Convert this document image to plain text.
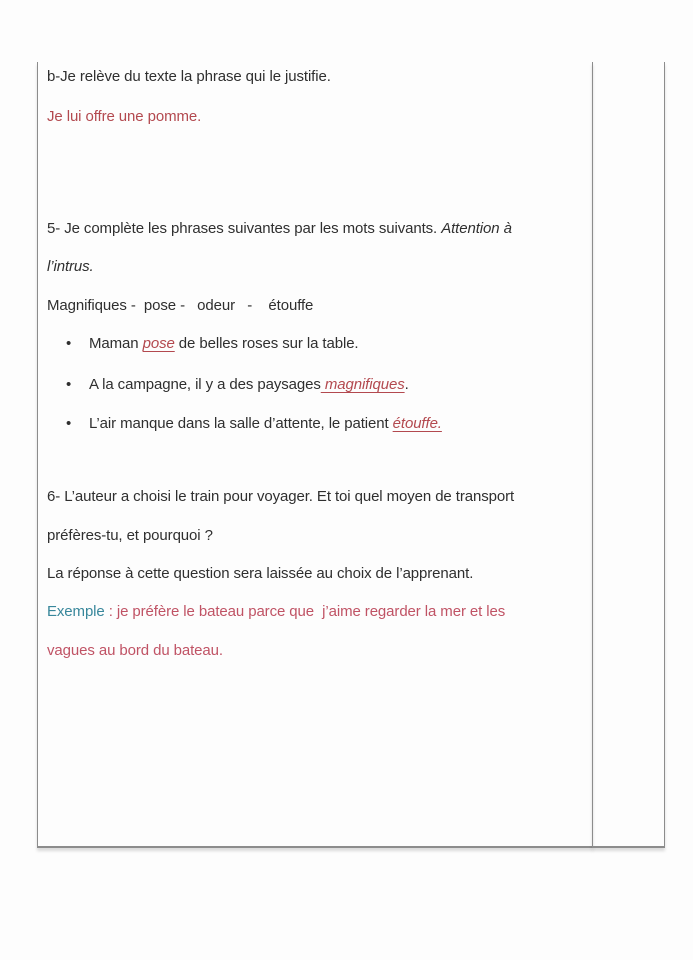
b-Je relève du texte la phrase qui le justifie.
Je lui offre une pomme.
5- Je complète les phrases suivantes par les mots suivants. Attention à
l’intrus.
Magnifiques -  pose -   odeur   -    étouffe
• Maman pose de belles roses sur la table.
• A la campagne, il y a des paysages magnifiques.
• L’air manque dans la salle d’attente, le patient étouffe.
6- L’auteur a choisi le train pour voyager. Et toi quel moyen de transport
préfères-tu, et pourquoi ?
La réponse à cette question sera laissée au choix de l’apprenant.
Exemple : je préfère le bateau parce que  j’aime regarder la mer et les
vagues au bord du bateau.
